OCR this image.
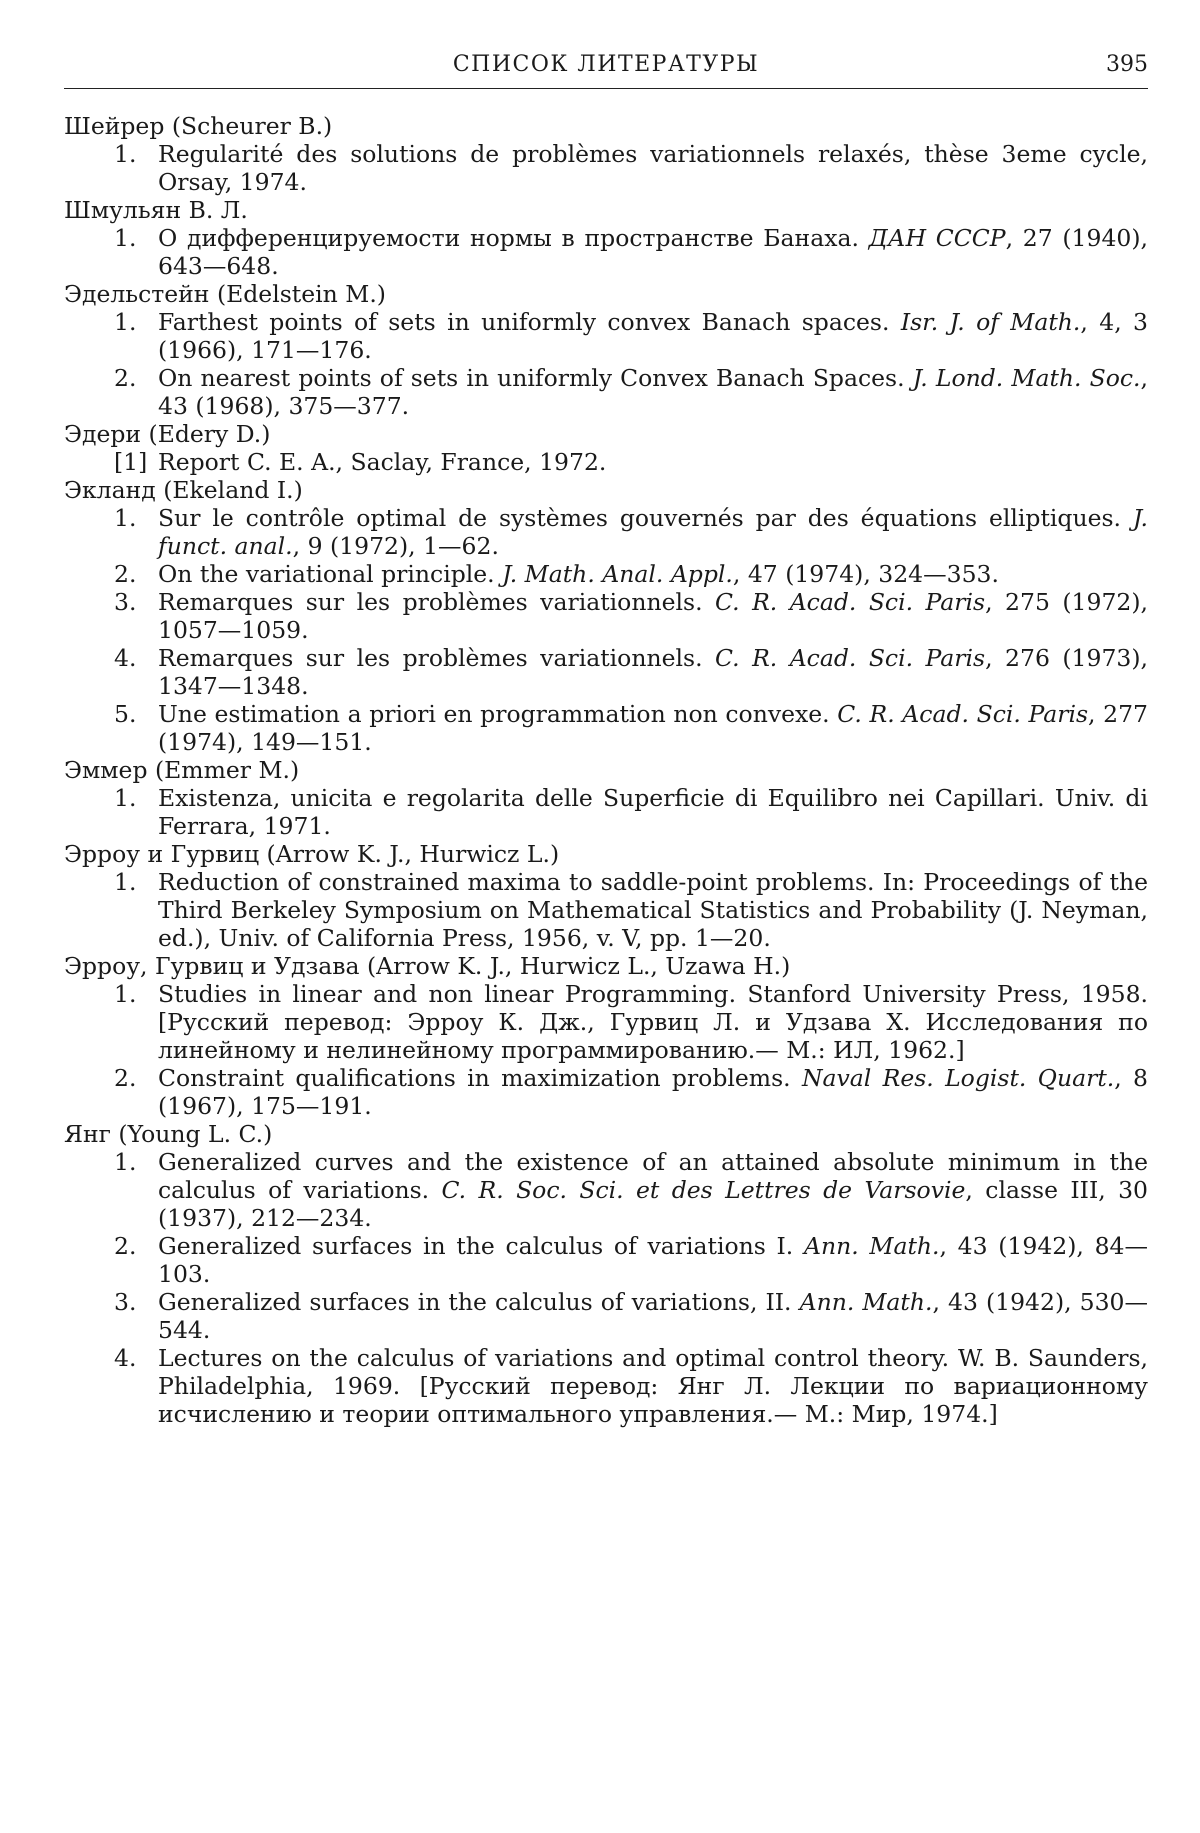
СПИСОК ЛИТЕРАТУРЫ	395
Шейрер (Scheurer B.)
1. Regularité des solutions de problèmes variationnels relaxés, thèse 3eme cycle, Orsay, 1974.
Шмульян В. Л.
1. О дифференцируемости нормы в пространстве Банаха. ДАН СССР, 27 (1940), 643—648.
Эдельстейн (Edelstein M.)
1. Farthest points of sets in uniformly convex Banach spaces. Isr. J. of Math., 4, 3 (1966), 171—176.
2. On nearest points of sets in uniformly Convex Banach Spaces. J. Lond. Math. Soc., 43 (1968), 375—377.
Эдери (Edery D.)
[1] Report C. E. A., Saclay, France, 1972.
Экланд (Ekeland I.)
1. Sur le contrôle optimal de systèmes gouvernés par des équations elliptiques. J. funct. anal., 9 (1972), 1—62.
2. On the variational principle. J. Math. Anal. Appl., 47 (1974), 324—353.
3. Remarques sur les problèmes variationnels. C. R. Acad. Sci. Paris, 275 (1972), 1057—1059.
4. Remarques sur les problèmes variationnels. C. R. Acad. Sci. Paris, 276 (1973), 1347—1348.
5. Une estimation a priori en programmation non convexe. C. R. Acad. Sci. Paris, 277 (1974), 149—151.
Эммер (Emmer M.)
1. Existenza, unicita e regolarita delle Superficie di Equilibro nei Capillari. Univ. di Ferrara, 1971.
Эрроу и Гурвиц (Arrow K. J., Hurwicz L.)
1. Reduction of constrained maxima to saddle-point problems. In: Proceedings of the Third Berkeley Symposium on Mathematical Statistics and Probability (J. Neyman, ed.), Univ. of California Press, 1956, v. V, pp. 1—20.
Эрроу, Гурвиц и Удзава (Arrow K. J., Hurwicz L., Uzawa H.)
1. Studies in linear and non linear Programming. Stanford University Press, 1958. [Русский перевод: Эрроу К. Дж., Гурвиц Л. и Удзава Х. Исследования по линейному и нелинейному программированию.— М.: ИЛ, 1962.]
2. Constraint qualifications in maximization problems. Naval Res. Logist. Quart., 8 (1967), 175—191.
Янг (Young L. C.)
1. Generalized curves and the existence of an attained absolute minimum in the calculus of variations. C. R. Soc. Sci. et des Lettres de Varsovie, classe III, 30 (1937), 212—234.
2. Generalized surfaces in the calculus of variations I. Ann. Math., 43 (1942), 84—103.
3. Generalized surfaces in the calculus of variations, II. Ann. Math., 43 (1942), 530—544.
4. Lectures on the calculus of variations and optimal control theory. W. B. Saunders, Philadelphia, 1969. [Русский перевод: Янг Л. Лекции по вариационному исчислению и теории оптимального управления.— М.: Мир, 1974.]
